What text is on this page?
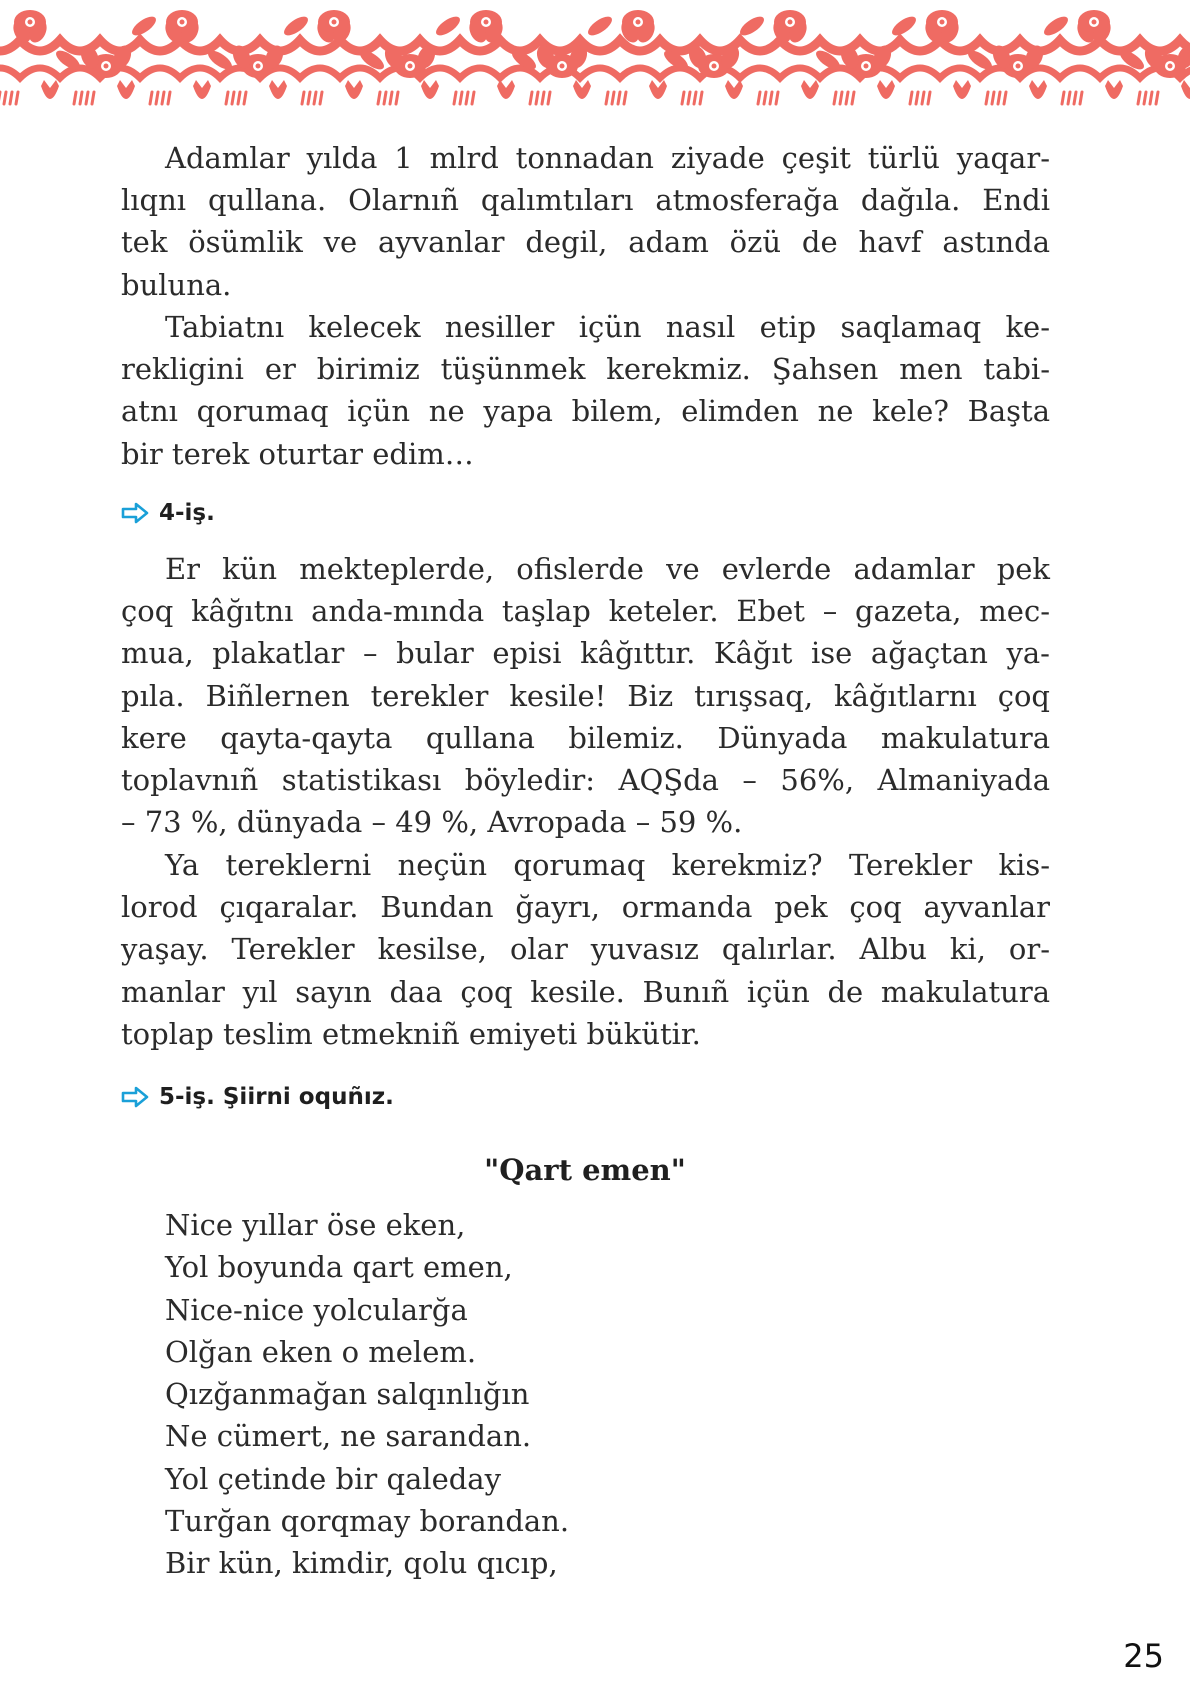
Adamlar yılda 1 mlrd tonnadan ziyade çeşit türlü yaqar-
lıqnı qullana. Olarnıñ qalımtıları atmosferağa dağıla. Endi
tek ösümlik ve ayvanlar degil, adam özü de havf astında
buluna.
Tabiatnı kelecek nesiller içün nasıl etip saqlamaq ke-
rekligini er birimiz tüşünmek kerekmiz. Şahsen men tabi-
atnı qorumaq içün ne yapa bilem, elimden ne kele? Başta
bir terek oturtar edim…
4-iş.
Er kün mekteplerde, ofislerde ve evlerde adamlar pek
çoq kâğıtnı anda-mında taşlap keteler. Ebet – gazeta, mec-
mua, plakatlar – bular episi kâğıttır. Kâğıt ise ağaçtan ya-
pıla. Biñlernen terekler kesile! Biz tırışsaq, kâğıtlarnı çoq
kere qayta-qayta qullana bilemiz. Dünyada makulatura
toplavnıñ statistikası böyledir: AQŞda – 56%, Almaniyada
– 73 %, dünyada – 49 %, Avropada – 59 %.
Ya tereklerni neçün qorumaq kerekmiz? Terekler kis-
lorod çıqaralar. Bundan ğayrı, ormanda pek çoq ayvanlar
yaşay. Terekler kesilse, olar yuvasız qalırlar. Albu ki, or-
manlar yıl sayın daa çoq kesile. Bunıñ içün de makulatura
toplap teslim etmekniñ emiyeti bükütir.
5-iş. Şiirni oquñız.
"Qart emen"
Nice yıllar öse eken,
Yol boyunda qart emen,
Nice-nice yolcularğa
Olğan eken o melem.
Qızğanmağan salqınlığın
Ne cümert, ne sarandan.
Yol çetinde bir qaleday
Turğan qorqmay borandan.
Bir kün, kimdir, qolu qıcıp,
25
